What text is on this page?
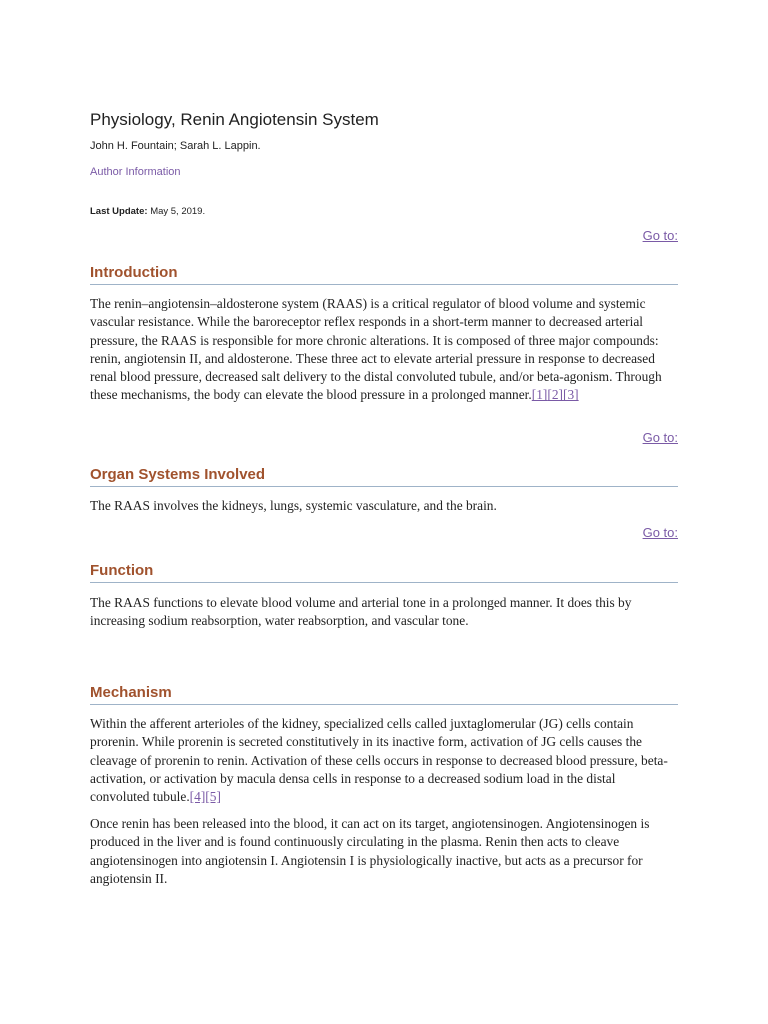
Physiology, Renin Angiotensin System
John H. Fountain; Sarah L. Lappin.
Author Information
Last Update: May 5, 2019.
Go to:
Introduction

The renin–angiotensin–aldosterone system (RAAS) is a critical regulator of blood volume and systemic vascular resistance. While the baroreceptor reflex responds in a short-term manner to decreased arterial pressure, the RAAS is responsible for more chronic alterations. It is composed of three major compounds: renin, angiotensin II, and aldosterone. These three act to elevate arterial pressure in response to decreased renal blood pressure, decreased salt delivery to the distal convoluted tubule, and/or beta-agonism. Through these mechanisms, the body can elevate the blood pressure in a prolonged manner.[1][2][3]

Go to:
Organ Systems Involved

The RAAS involves the kidneys, lungs, systemic vasculature, and the brain.

Go to:
Function

The RAAS functions to elevate blood volume and arterial tone in a prolonged manner. It does this by increasing sodium reabsorption, water reabsorption, and vascular tone.

Mechanism

Within the afferent arterioles of the kidney, specialized cells called juxtaglomerular (JG) cells contain prorenin. While prorenin is secreted constitutively in its inactive form, activation of JG cells causes the cleavage of prorenin to renin. Activation of these cells occurs in response to decreased blood pressure, beta-activation, or activation by macula densa cells in response to a decreased sodium load in the distal convoluted tubule.[4][5]

Once renin has been released into the blood, it can act on its target, angiotensinogen. Angiotensinogen is produced in the liver and is found continuously circulating in the plasma. Renin then acts to cleave angiotensinogen into angiotensin I. Angiotensin I is physiologically inactive, but acts as a precursor for angiotensin II.
